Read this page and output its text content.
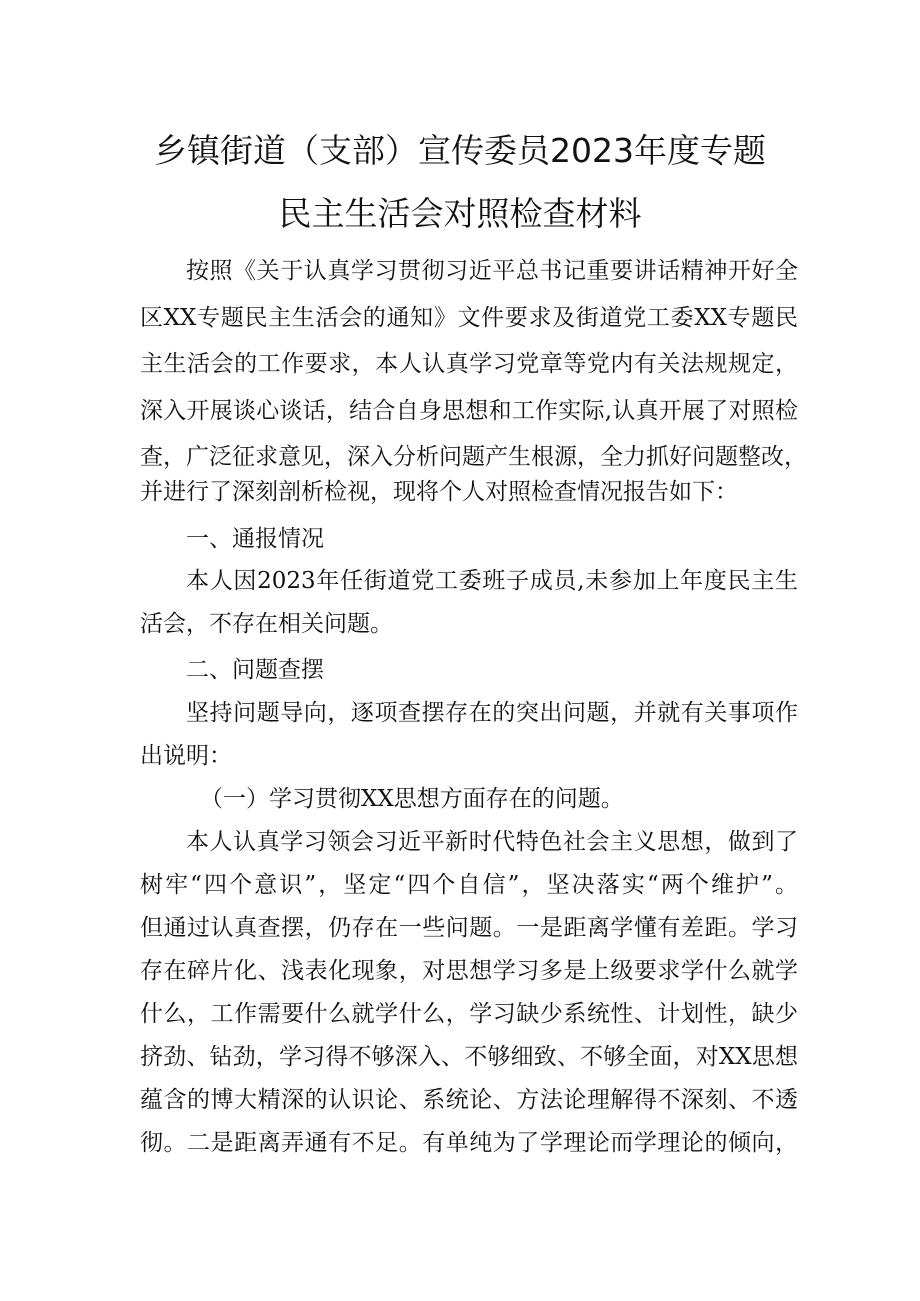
乡镇街道（支部）宣传委员2023年度专题
民主生活会对照检查材料

按照《关于认真学习贯彻习近平总书记重要讲话精神开好全

区XX专题民主生活会的通知》文件要求及街道党工委XX专题民

主生活会的工作要求，本人认真学习党章等党内有关法规规定，

深入开展谈心谈话，结合自身思想和工作实际,认真开展了对照检

查，广泛征求意见，深入分析问题产生根源，全力抓好问题整改，

并进行了深刻剖析检视，现将个人对照检查情况报告如下：

一、通报情况

本人因2023年任街道党工委班子成员,未参加上年度民主生

活会，不存在相关问题。

二、问题查摆

坚持问题导向，逐项查摆存在的突出问题，并就有关事项作

出说明：

（一）学习贯彻XX思想方面存在的问题。

本人认真学习领会习近平新时代特色社会主义思想，做到了

树牢“四个意识”，坚定“四个自信”，坚决落实“两个维护”。

但通过认真查摆，仍存在一些问题。一是距离学懂有差距。学习

存在碎片化、浅表化现象，对思想学习多是上级要求学什么就学

什么，工作需要什么就学什么，学习缺少系统性、计划性，缺少

挤劲、钻劲，学习得不够深入、不够细致、不够全面，对XX思想

蕴含的博大精深的认识论、系统论、方法论理解得不深刻、不透

彻。二是距离弄通有不足。有单纯为了学理论而学理论的倾向，
